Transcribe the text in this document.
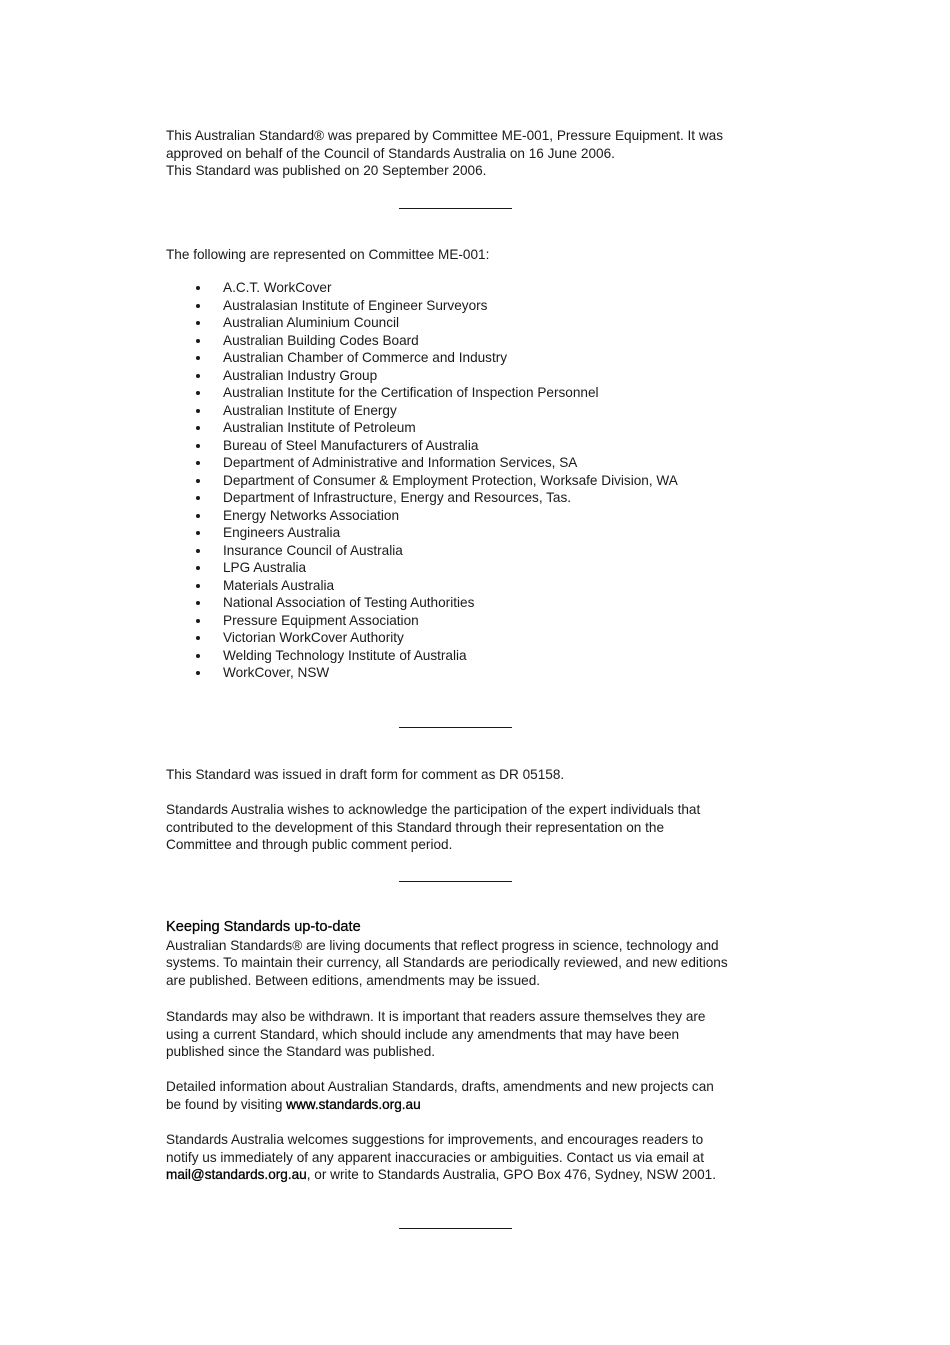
This Australian Standard® was prepared by Committee ME-001, Pressure Equipment. It was

approved on behalf of the Council of Standards Australia on 16 June 2006.

This Standard was published on 20 September 2006.

The following are represented on Committee ME-001:

A.C.T. WorkCover
Australasian Institute of Engineer Surveyors
Australian Aluminium Council
Australian Building Codes Board
Australian Chamber of Commerce and Industry
Australian Industry Group
Australian Institute for the Certification of Inspection Personnel
Australian Institute of Energy
Australian Institute of Petroleum
Bureau of Steel Manufacturers of Australia
Department of Administrative and Information Services, SA
Department of Consumer & Employment Protection, Worksafe Division, WA
Department of Infrastructure, Energy and Resources, Tas.
Energy Networks Association
Engineers Australia
Insurance Council of Australia
LPG Australia
Materials Australia
National Association of Testing Authorities
Pressure Equipment Association
Victorian WorkCover Authority
Welding Technology Institute of Australia
WorkCover, NSW

This Standard was issued in draft form for comment as DR 05158.

Standards Australia wishes to acknowledge the participation of the expert individuals that

contributed to the development of this Standard through their representation on the

Committee and through public comment period.

Keeping Standards up-to-date

Australian Standards® are living documents that reflect progress in science, technology and

systems. To maintain their currency, all Standards are periodically reviewed, and new editions

are published. Between editions, amendments may be issued.

Standards may also be withdrawn. It is important that readers assure themselves they are

using a current Standard, which should include any amendments that may have been

published since the Standard was published.

Detailed information about Australian Standards, drafts, amendments and new projects can

be found by visiting www.standards.org.au

Standards Australia welcomes suggestions for improvements, and encourages readers to

notify us immediately of any apparent inaccuracies or ambiguities. Contact us via email at

mail@standards.org.au, or write to Standards Australia, GPO Box 476, Sydney, NSW 2001.
